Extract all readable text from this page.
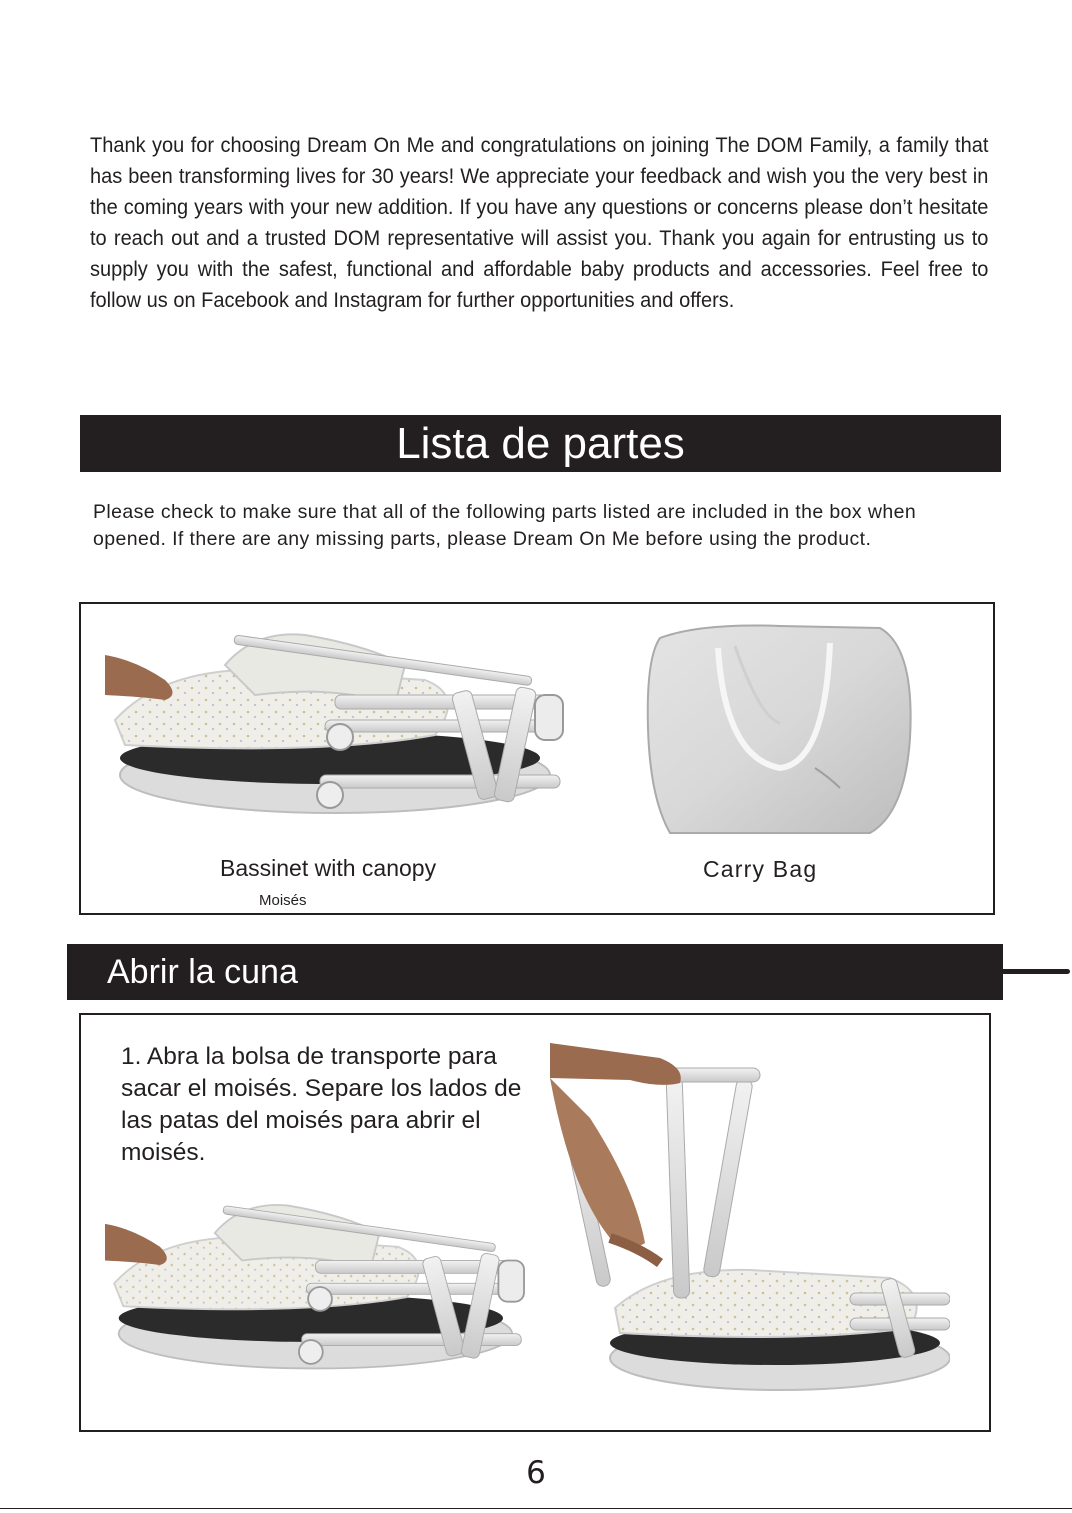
Thank you for choosing Dream On Me and congratulations on joining The DOM Family, a family that has been transforming lives for 30 years! We appreciate your feedback and wish you the very best in the coming years with your new addition. If you have any questions or concerns please don’t hesitate to reach out and a trusted DOM representative will assist you. Thank you again for entrusting us to supply you with the safest, functional and affordable baby products and accessories. Feel free to follow us on Facebook and Instagram for further opportunities and offers.
Lista de partes
Please check to make sure that all of the following parts listed are included in the box when opened. If there are any missing parts, please Dream On Me before using the product.
Bassinet with canopy
Moisés
Carry Bag
Abrir la cuna
1. Abra la bolsa de transporte para sacar el moisés. Separe los lados de las patas del moisés para abrir el moisés.
6
